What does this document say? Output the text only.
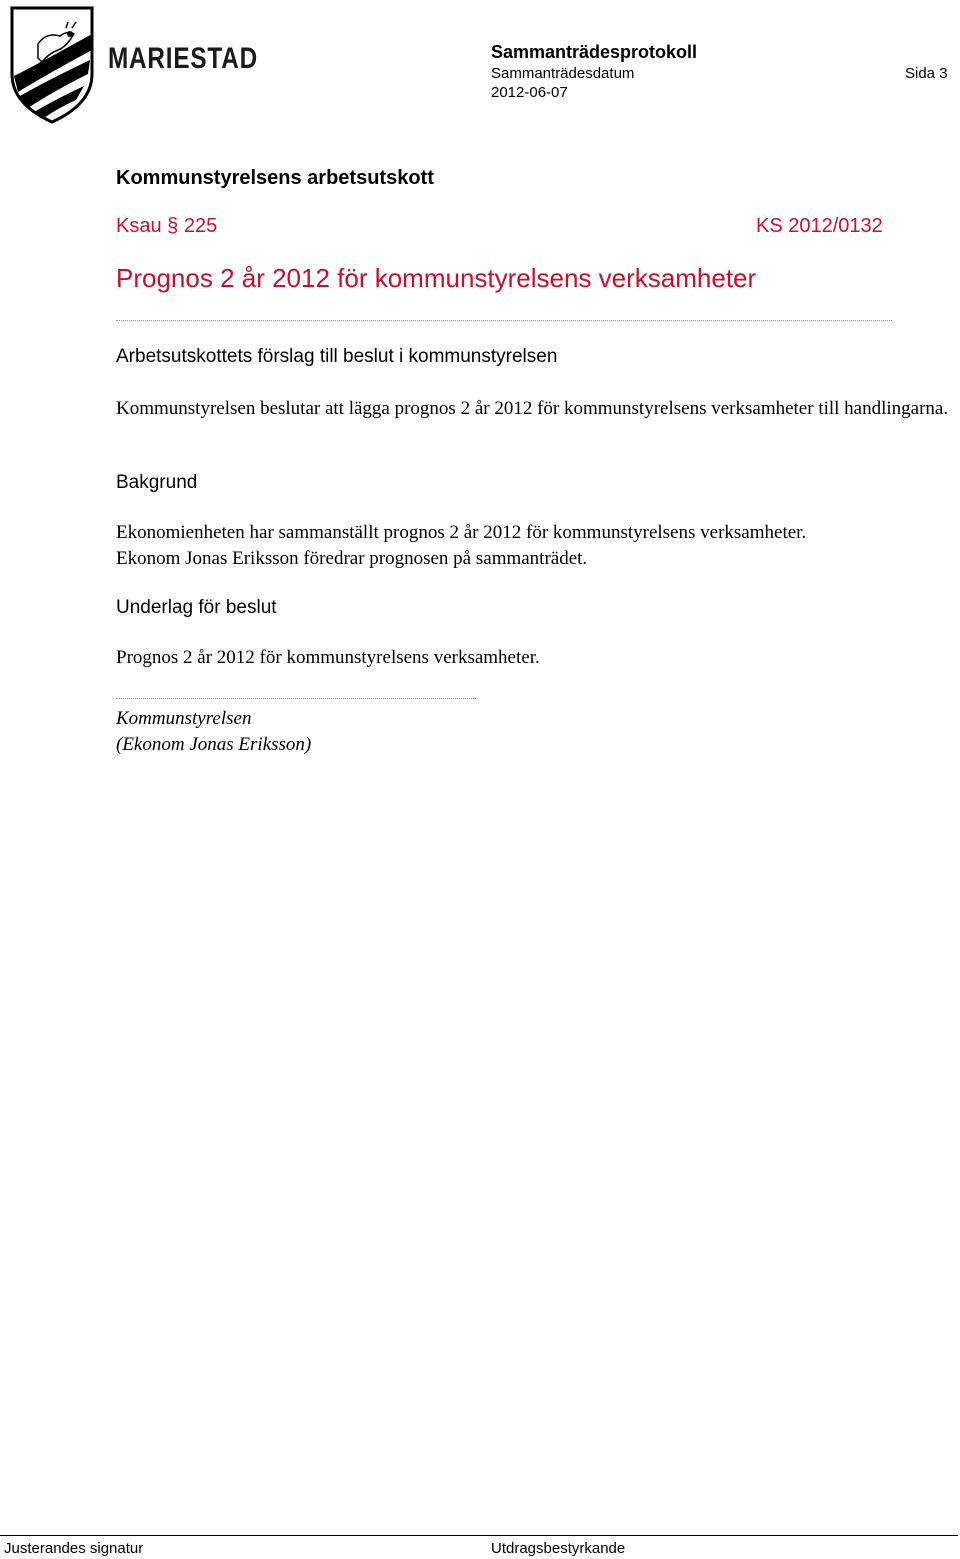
MARIESTAD	Sammanträdesprotokoll
Sammanträdesdatum
2012-06-07
Sida 3
Kommunstyrelsens arbetsutskott
Ksau § 225	KS 2012/0132
Prognos 2 år 2012 för kommunstyrelsens verksamheter
Arbetsutskottets förslag till beslut i kommunstyrelsen
Kommunstyrelsen beslutar att lägga prognos 2 år 2012 för kommunstyrelsens verksamheter till handlingarna.
Bakgrund
Ekonomienheten har sammanställt prognos 2 år 2012 för kommunstyrelsens verksamheter.
Ekonom Jonas Eriksson föredrar prognosen på sammanträdet.
Underlag för beslut
Prognos 2 år 2012 för kommunstyrelsens verksamheter.
Kommunstyrelsen
(Ekonom Jonas Eriksson)
Justerandes signatur	Utdragsbestyrkande
